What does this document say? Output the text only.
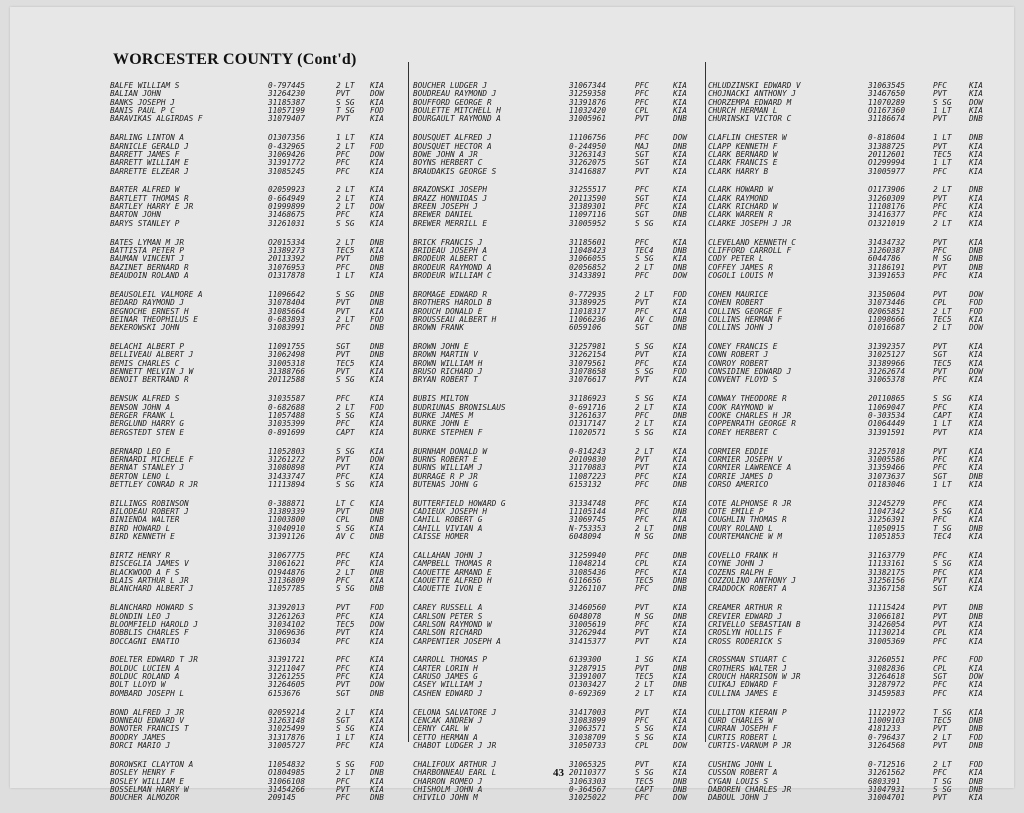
WORCESTER COUNTY (Cont'd)
BALFE WILLIAM S	0-797445	2 LT	KIA
BALIAN JOHN	31264230	PVT	DOW
BANKS JOSEPH J	31185387	S SG	KIA
BANIS PAUL P C	11057199	T SG	FOD
BARAVIKAS ALGIRDAS F	31079407	PVT	KIA
BARLING LINTON A	O1307356	1 LT	KIA
BARNICLE GERALD J	0-432965	2 LT	FOD
BARRETT JAMES F	31069426	PFC	DOW
BARRETT WILLIAM E	31391772	PFC	KIA
BARRETTE ELZEAR J	31085245	PFC	KIA
BARTER ALFRED W	02059923	2 LT	KIA
BARTLETT THOMAS R	0-664949	2 LT	KIA
BARTLEY HARRY E JR	01999899	2 LT	DOW
BARTON JOHN	31468675	PFC	KIA
BARYS STANLEY P	31261031	S SG	KIA
BATES LYMAN M JR	O2015334	2 LT	DNB
BATTISTA PETER P	31389273	TEC5	KIA
BAUMAN VINCENT J	20113392	PVT	DNB
BAZINET BERNARD R	31076953	PFC	DNB
BEAUDOIN ROLAND A	O1317878	1 LT	KIA
BEAUSOLEIL VALMORE A	11096642	S SG	DNB
BEDARD RAYMOND J	31078404	PVT	DNB
BEGNOCHE ERNEST H	31085664	PVT	KIA
BEINAR THEOPHILUS E	0-683893	2 LT	FOD
BEKEROWSKI JOHN	31083991	PFC	DNB
BELACHI ALBERT P	11091755	SGT	DNB
BELLIVEAU ALBERT J	31062498	PVT	DNB
BEMIS CHARLES C	31005318	TEC5	KIA
BENNETT MELVIN J W	31388766	PVT	KIA
BENOIT BERTRAND R	20112588	S SG	KIA
BENSUK ALFRED S	31035587	PFC	KIA
BENSON JOHN A	0-682688	2 LT	FOD
BERGER FRANK L	11057488	S SG	KIA
BERGLUND HARRY G	31035399	PFC	KIA
BERGSTEDT STEN E	0-891699	CAPT	KIA
BERNARD LEO E	11052803	S SG	KIA
BERNARDI MICHELE F	31261272	PVT	DOW
BERNAT STANLEY J	31080898	PVT	KIA
BERTON LENO L	31433747	PFC	KIA
BETTLEY CONRAD R JR	11113894	S SG	KIA
BILLINGS ROBINSON	0-388871	LT C	KIA
BILODEAU ROBERT J	31389339	PVT	DNB
BINIENDA WALTER	11003800	CPL	DNB
BIRD HOWARD L	31040910	S SG	KIA
BIRD KENNETH E	31391126	AV C	DNB
BIRTZ HENRY R	31067775	PFC	KIA
BISCEGLIA JAMES V	31061621	PFC	KIA
BLACKWOOD A F S	O1944876	2 LT	DNB
BLAIS ARTHUR L JR	31136809	PFC	KIA
BLANCHARD ALBERT J	11057785	S SG	DNB
BLANCHARD HOWARD S	31392013	PVT	FOD
BLONDIN LEO J	31261263	PFC	KIA
BLOOMFIELD HAROLD J	31034102	TEC5	DOW
BOBBLIS CHARLES F	31069636	PVT	KIA
BOCCAGNI ENATIO	6136034	PFC	KIA
BOELTER EDWARD T JR	31391721	PFC	KIA
BOLDUC LUCIEN A	31211047	PFC	KIA
BOLDUC ROLAND A	31261255	PFC	KIA
BOLT LLOYD W	31264605	PVT	DOW
BOMBARD JOSEPH L	6153676	SGT	DNB
BOND ALFRED J JR	02059214	2 LT	KIA
BONNEAU EDWARD V	31263148	SGT	KIA
BONOTER FRANCIS T	31025499	S SG	KIA
BOODRY JAMES	31317876	1 LT	KIA
BORCI MARIO J	31005727	PFC	KIA
BOROWSKI CLAYTON A	11054832	S SG	FOD
BOSLEY HENRY F	O1804985	2 LT	DNB
BOSLEY WILLIAM E	31066108	PFC	KIA
BOSSELMAN HARRY W	31454266	PVT	KIA
BOUCHER ALMOZOR	209145	PFC	DNB
BOUCHER LUDGER J	31067344	PFC	KIA
BOUDREAU RAYMOND J	31259358	PFC	KIA
BOUFFORD GEORGE R	31391876	PFC	KIA
BOULETTE MITCHELL H	11032420	CPL	KIA
BOURGAULT RAYMOND A	31005961	PVT	DNB
BOUSQUET ALFRED J	11106756	PFC	DOW
BOUSQUET HECTOR A	0-244950	MAJ	DNB
BOWE JOHN A JR	31263143	SGT	KIA
BOYNS HERBERT C	31262075	SGT	KIA
BRAUDAKIS GEORGE S	31416887	PVT	KIA
BRAZONSKI JOSEPH	31255517	PFC	KIA
BRAZZ HONNIDAS J	20113590	SGT	KIA
BREEN JOSEPH J	31389301	PFC	KIA
BREWER DANIEL	11097116	SGT	DNB
BREWER MERRILL E	31005952	S SG	KIA
BRICK FRANCIS J	31185601	PFC	KIA
BRIDEAU JOSEPH A	11048423	TEC4	DNB
BRODEUR ALBERT C	31066055	S SG	KIA
BRODEUR RAYMOND A	02056852	2 LT	DNB
BRODEUR WILLIAM C	31433891	PFC	DOW
BROMAGE EDWARD R	0-772935	2 LT	FOD
BROTHERS HAROLD B	31389925	PVT	KIA
BROUCH DONALD E	11018317	PFC	KIA
BROUSSEAU ALBERT H	11066236	AV C	DNB
BROWN FRANK	6059106	SGT	DNB
BROWN JOHN E	31257981	S SG	KIA
BROWN MARTIN V	31262154	PVT	KIA
BROWN WILLIAM H	31079561	PFC	KIA
BRUSO RICHARD J	31078658	S SG	FOD
BRYAN ROBERT T	31076617	PVT	KIA
BUBIS MILTON	31186923	S SG	KIA
BUDRIUNAS BRONISLAUS	0-691716	2 LT	KIA
BURKE JAMES M	31261637	PFC	DNB
BURKE JOHN E	O1317147	2 LT	KIA
BURKE STEPHEN F	11020571	S SG	KIA
BURNHAM DONALD W	0-814243	2 LT	KIA
BURNS ROBERT E	20109830	PVT	KIA
BURNS WILLIAM J	31170883	PVT	KIA
BURRAGE R P JR	11087223	PFC	KIA
BUTENAS JOHN G	6153132	PFC	DNB
BUTTERFIELD HOWARD G	31334748	PFC	KIA
CADIEUX JOSEPH H	11105144	PFC	DNB
CAHILL ROBERT G	31069745	PFC	KIA
CAHILL VIVIAN A	N-753353	2 LT	DNB
CAISSE HOMER	6048094	M SG	DNB
CALLAHAN JOHN J	31259940	PFC	DNB
CAMPBELL THOMAS R	11048214	CPL	KIA
CAOUETTE ARMAND E	31085436	PFC	KIA
CAOUETTE ALFRED H	6116656	TEC5	DNB
CAOUETTE IVON E	31261107	PFC	DNB
CAREY RUSSELL A	31460560	PVT	KIA
CARLSON PETER S	6048078	M SG	DNB
CARLSON RAYMOND W	31005619	PFC	KIA
CARLSON RICHARD	31262944	PVT	KIA
CARPENTIER JOSEPH A	31415377	PVT	KIA
CARROLL THOMAS P	6139300	1 SG	KIA
CARTER LORIN H	31287915	PVT	DNB
CARUSO JAMES G	31391007	TEC5	KIA
CASEY WILLIAM J	O1303427	2 LT	DNB
CASHEN EDWARD J	0-692369	2 LT	KIA
CELONA SALVATORE J	31417003	PVT	KIA
CENCAK ANDREW J	31083899	PFC	KIA
CERNY CARL W	31063571	S SG	KIA
CETTO HERMAN A	31038709	S SG	KIA
CHABOT LUDGER J JR	31050733	CPL	DOW
CHALIFOUX ARTHUR J	31065325	PVT	KIA
CHARBONNEAU EARL L	20110377	S SG	KIA
CHARRON ROMEO J	31063303	TEC5	DNB
CHISHOLM JOHN A	0-364567	CAPT	DNB
CHIVILO JOHN M	31025022	PFC	DOW
CHLUDZINSKI EDWARD V	31063545	PFC	KIA
CHOJNACKI ANTHONY J	31467650	PVT	KIA
CHORZEMPA EDWARD M	11070289	S SG	DOW
CHURCH HERMAN L	O1167360	1 LT	KIA
CHURINSKI VICTOR C	31186674	PVT	DNB
CLAFLIN CHESTER W	0-818604	1 LT	DNB
CLAPP KENNETH F	31388725	PVT	KIA
CLARK BERNARD W	20112601	TEC5	KIA
CLARK FRANCIS E	O1299994	1 LT	KIA
CLARK HARRY B	31005977	PFC	KIA
CLARK HOWARD W	O1173906	2 LT	DNB
CLARK RAYMOND	31260309	PVT	KIA
CLARK RICHARD W	11108176	PFC	KIA
CLARK WARREN R	31416377	PFC	KIA
CLARKE JOSEPH J JR	O1321019	2 LT	KIA
CLEVELAND KENNETH C	31434732	PVT	KIA
CLIFFORD CARROLL F	31260387	PFC	DNB
CODY PETER L	6044786	M SG	DNB
COFFEY JAMES R	31186191	PVT	DNB
COGOLI LOUIS M	31391653	PFC	KIA
COHEN MAURICE	31350604	PVT	DOW
COHEN ROBERT	31073446	CPL	FOD
COLLINS GEORGE F	02065851	2 LT	FOD
COLLINS HERMAN F	11098666	TEC5	KIA
COLLINS JOHN J	O1016687	2 LT	DOW
CONEY FRANCIS E	31392357	PVT	KIA
CONN ROBERT J	31025127	SGT	KIA
CONROY ROBERT	31389966	TEC5	KIA
CONSIDINE EDWARD J	31262674	PVT	DOW
CONVENT FLOYD S	31065378	PFC	KIA
CONWAY THEODORE R	20110865	S SG	KIA
COOK RAYMOND W	11069047	PFC	KIA
COOKE CHARLES H JR	0-303534	CAPT	KIA
COPPENRATH GEORGE R	O1064449	1 LT	KIA
COREY HERBERT C	31391591	PVT	KIA
CORMIER EDDIE	31257018	PVT	KIA
CORMIER JOSEPH V	31005586	PFC	KIA
CORMIER LAWRENCE A	31359466	PFC	KIA
CORRIE JAMES D	31073637	SGT	DNB
CORSO AMERICO	O1183046	1 LT	KIA
COTE ALPHONSE R JR	31245279	PFC	KIA
COTE EMILE P	11047342	S SG	KIA
COUGHLIN THOMAS R	31256391	PFC	KIA
COURY ROLAND L	11050915	T SG	DNB
COURTEMANCHE W M	11051853	TEC4	KIA
COVELLO FRANK H	31163779	PFC	KIA
COYNE JOHN J	11133161	S SG	KIA
COZENS RALPH E	31382175	PFC	KIA
COZZOLINO ANTHONY J	31256156	PVT	KIA
CRADDOCK ROBERT A	31367158	SGT	KIA
CREAMER ARTHUR R	11115424	PVT	DNB
CREVIER EDWARD J	31066181	PVT	DNB
CRIVELLO SEBASTIAN B	31426054	PVT	KIA
CROSLYN HOLLIS F	11130214	CPL	KIA
CROSS RODERICK S	31005369	PFC	KIA
CROSSMAN STUART C	31260551	PFC	FOD
CROTHERS WALTER J	31082836	CPL	KIA
CROUCH HARRISON W JR	31264618	SGT	DOW
CUIKAJ EDWARD F	31287972	PFC	KIA
CULLINA JAMES E	31459583	PFC	KIA
CULLITON KIERAN P	11121972	T SG	KIA
CURD CHARLES W	11009103	TEC5	DNB
CURRAN JOSEPH F	4181233	PVT	DNB
CURTIS ROBERT L	0-796437	2 LT	FOD
CURTIS-VARNUM P JR	31264568	PVT	DNB
CUSHING JOHN L	0-712516	2 LT	FOD
CUSSON ROBERT A	31261562	PFC	KIA
CYGAN LOUIS S	6803391	T SG	DNB
DABOREN CHARLES JR	31047931	S SG	DNB
DABOUL JOHN J	31004701	PVT	KIA
43
